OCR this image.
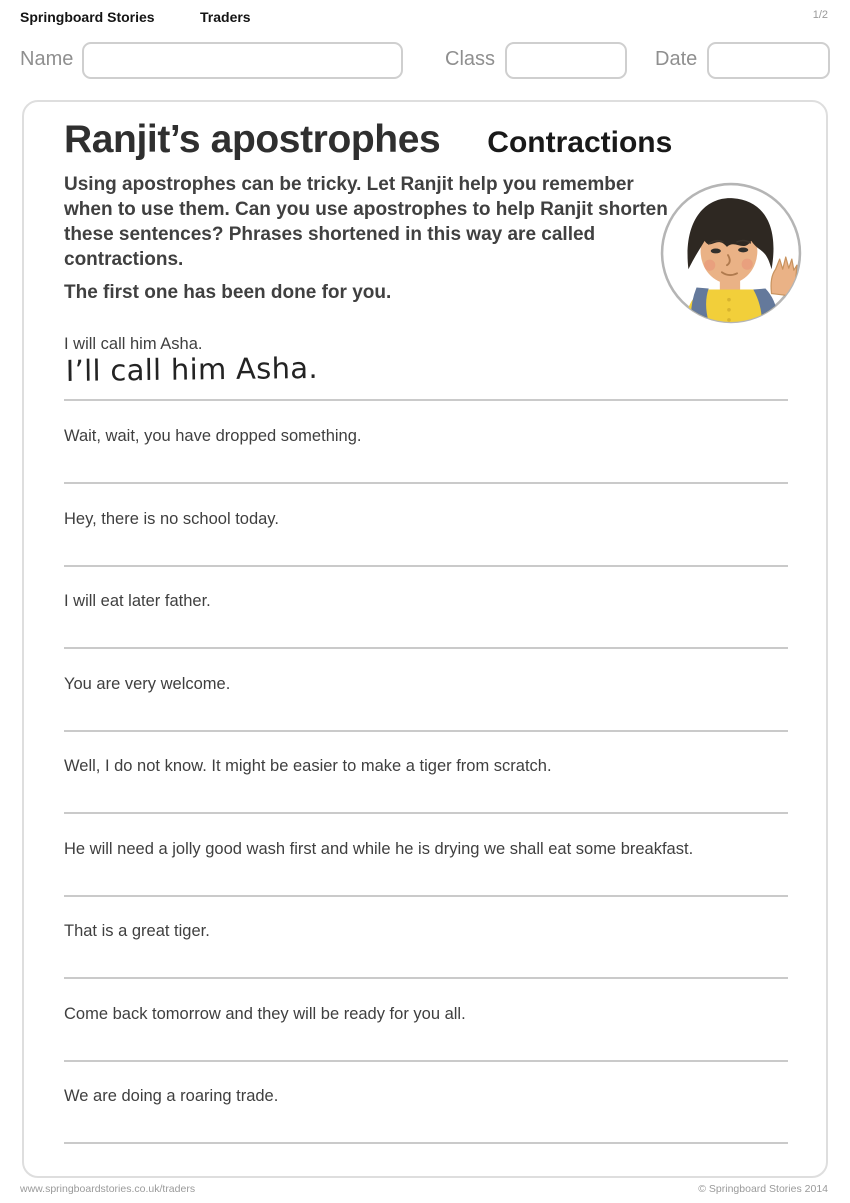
Springboard Stories	Traders	1/2
Name	Class	Date
Ranjit’s apostrophes Contractions

Using apostrophes can be tricky. Let Ranjit help you remember when to use them. Can you use apostrophes to help Ranjit shorten these sentences? Phrases shortened in this way are called contractions.

The first one has been done for you.

I will call him Asha.

I’ll call him Asha.

Wait, wait, you have dropped something.

Hey, there is no school today.

I will eat later father.

You are very welcome.

Well, I do not know. It might be easier to make a tiger from scratch.

He will need a jolly good wash first and while he is drying we shall eat some breakfast.

That is a great tiger.

Come back tomorrow and they will be ready for you all.

We are doing a roaring trade.

www.springboardstories.co.uk/traders	© Springboard Stories 2014
